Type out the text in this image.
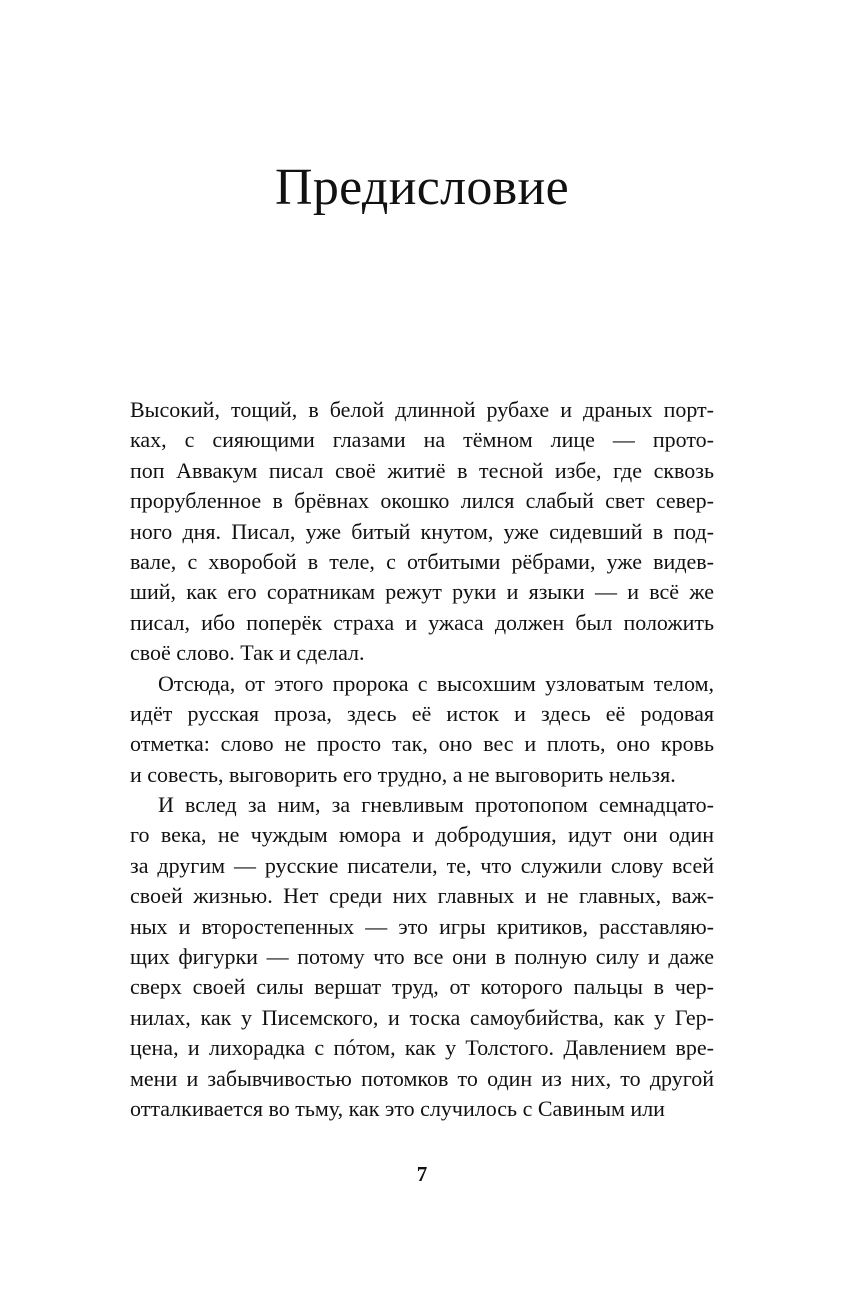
Предисловие
Высокий, тощий, в белой длинной рубахе и драных порт-
ках, с сияющими глазами на тёмном лице — прото-
поп Аввакум писал своё житиё в тесной избе, где сквозь
прорубленное в брёвнах окошко лился слабый свет север-
ного дня. Писал, уже битый кнутом, уже сидевший в под-
вале, с хворобой в теле, с отбитыми рёбрами, уже видев-
ший, как его соратникам режут руки и языки — и всё же
писал, ибо поперёк страха и ужаса должен был положить
своё слово. Так и сделал.
Отсюда, от этого пророка с высохшим узловатым телом,
идёт русская проза, здесь её исток и здесь её родовая
отметка: слово не просто так, оно вес и плоть, оно кровь
и совесть, выговорить его трудно, а не выговорить нельзя.
И вслед за ним, за гневливым протопопом семнадцато-
го века, не чуждым юмора и добродушия, идут они один
за другим — русские писатели, те, что служили слову всей
своей жизнью. Нет среди них главных и не главных, важ-
ных и второстепенных — это игры критиков, расставляю-
щих фигурки — потому что все они в полную силу и даже
сверх своей силы вершат труд, от которого пальцы в чер-
нилах, как у Писемского, и тоска самоубийства, как у Гер-
цена, и лихорадка с пóтом, как у Толстого. Давлением вре-
мени и забывчивостью потомков то один из них, то другой
отталкивается во тьму, как это случилось с Савиным или
7
